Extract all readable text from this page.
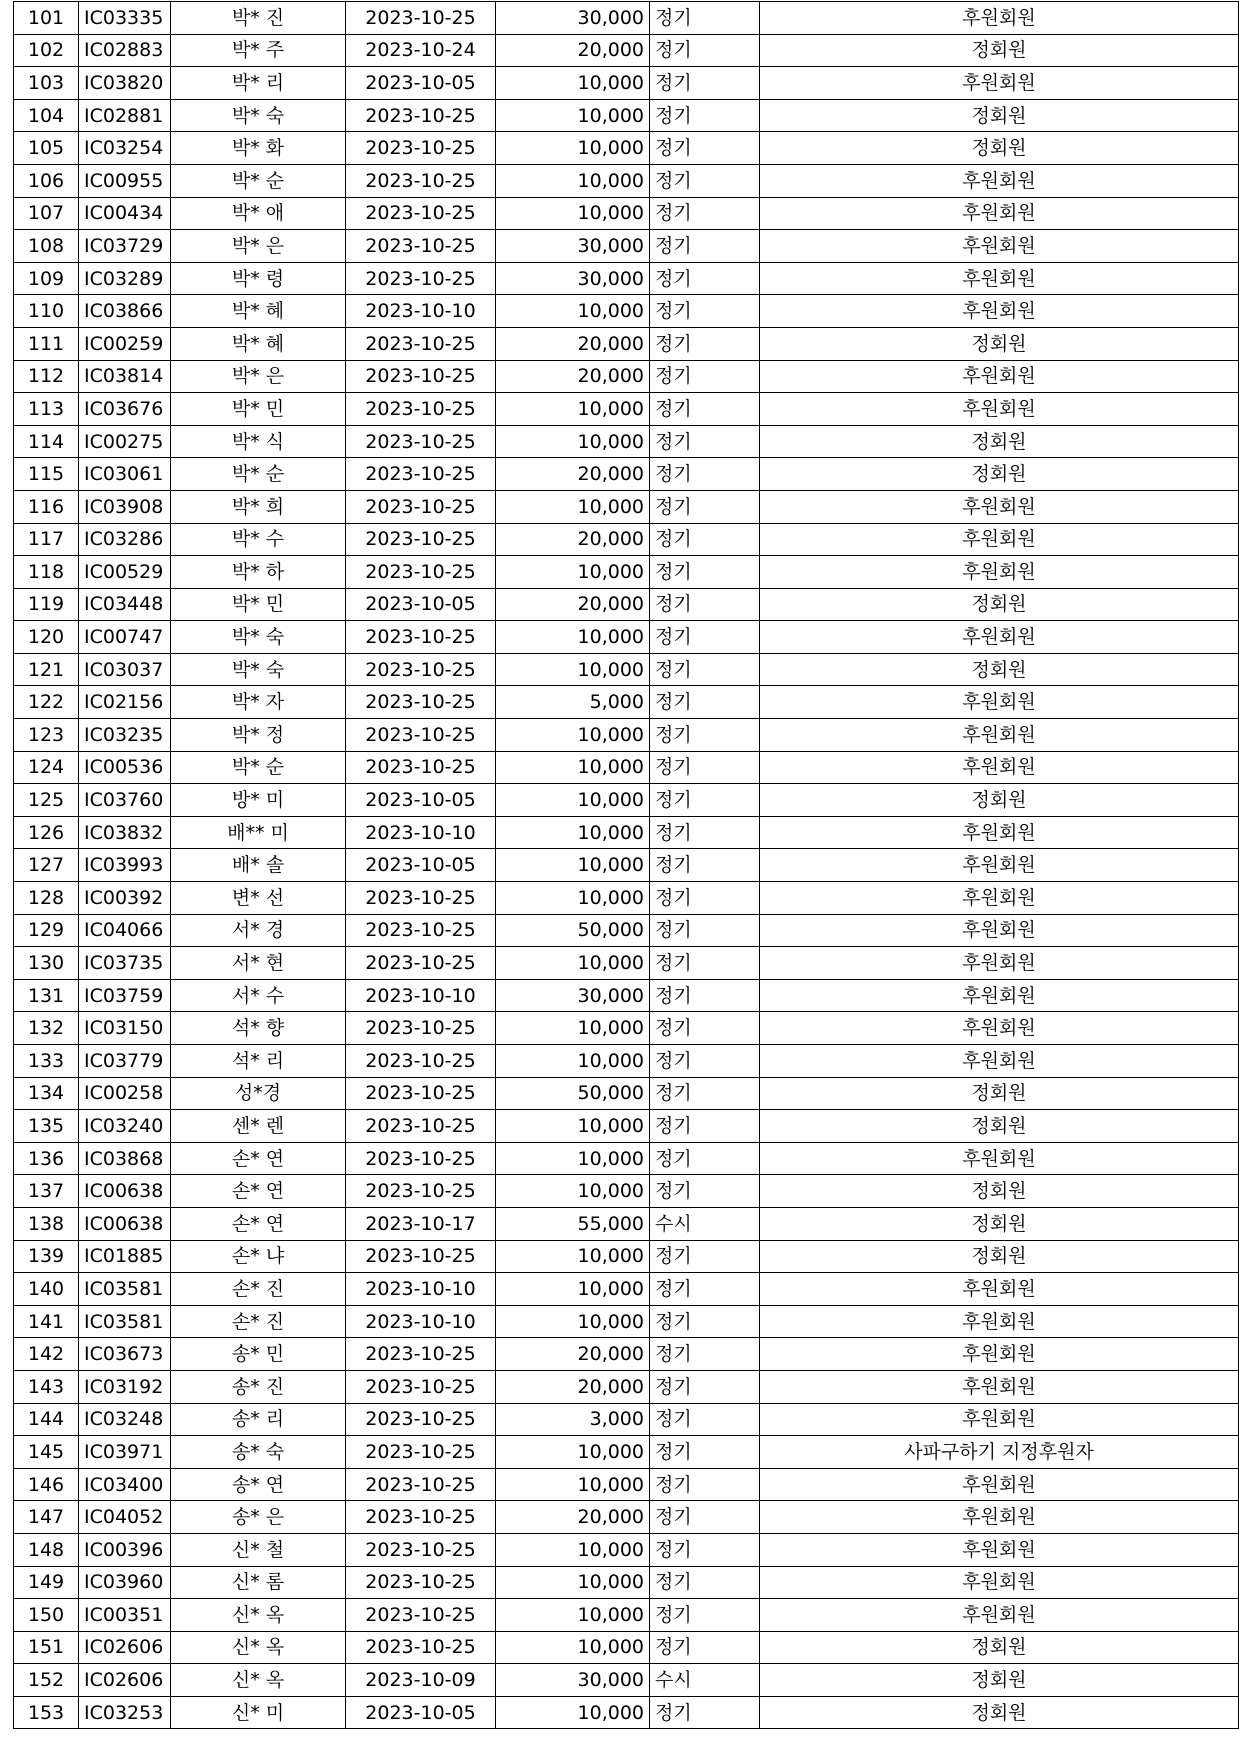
101	IC03335	박* 진	2023-10-25	30,000	정기	후원회원
102	IC02883	박* 주	2023-10-24	20,000	정기	정회원
103	IC03820	박* 리	2023-10-05	10,000	정기	후원회원
104	IC02881	박* 숙	2023-10-25	10,000	정기	정회원
105	IC03254	박* 화	2023-10-25	10,000	정기	정회원
106	IC00955	박* 순	2023-10-25	10,000	정기	후원회원
107	IC00434	박* 애	2023-10-25	10,000	정기	후원회원
108	IC03729	박* 은	2023-10-25	30,000	정기	후원회원
109	IC03289	박* 령	2023-10-25	30,000	정기	후원회원
110	IC03866	박* 혜	2023-10-10	10,000	정기	후원회원
111	IC00259	박* 혜	2023-10-25	20,000	정기	정회원
112	IC03814	박* 은	2023-10-25	20,000	정기	후원회원
113	IC03676	박* 민	2023-10-25	10,000	정기	후원회원
114	IC00275	박* 식	2023-10-25	10,000	정기	정회원
115	IC03061	박* 순	2023-10-25	20,000	정기	정회원
116	IC03908	박* 희	2023-10-25	10,000	정기	후원회원
117	IC03286	박* 수	2023-10-25	20,000	정기	후원회원
118	IC00529	박* 하	2023-10-25	10,000	정기	후원회원
119	IC03448	박* 민	2023-10-05	20,000	정기	정회원
120	IC00747	박* 숙	2023-10-25	10,000	정기	후원회원
121	IC03037	박* 숙	2023-10-25	10,000	정기	정회원
122	IC02156	박* 자	2023-10-25	5,000	정기	후원회원
123	IC03235	박* 정	2023-10-25	10,000	정기	후원회원
124	IC00536	박* 순	2023-10-25	10,000	정기	후원회원
125	IC03760	방* 미	2023-10-05	10,000	정기	정회원
126	IC03832	배** 미	2023-10-10	10,000	정기	후원회원
127	IC03993	배* 솔	2023-10-05	10,000	정기	후원회원
128	IC00392	변* 선	2023-10-25	10,000	정기	후원회원
129	IC04066	서* 경	2023-10-25	50,000	정기	후원회원
130	IC03735	서* 현	2023-10-25	10,000	정기	후원회원
131	IC03759	서* 수	2023-10-10	30,000	정기	후원회원
132	IC03150	석* 향	2023-10-25	10,000	정기	후원회원
133	IC03779	석* 리	2023-10-25	10,000	정기	후원회원
134	IC00258	성*경	2023-10-25	50,000	정기	정회원
135	IC03240	센* 렌	2023-10-25	10,000	정기	정회원
136	IC03868	손* 연	2023-10-25	10,000	정기	후원회원
137	IC00638	손* 연	2023-10-25	10,000	정기	정회원
138	IC00638	손* 연	2023-10-17	55,000	수시	정회원
139	IC01885	손* 냐	2023-10-25	10,000	정기	정회원
140	IC03581	손* 진	2023-10-10	10,000	정기	후원회원
141	IC03581	손* 진	2023-10-10	10,000	정기	후원회원
142	IC03673	송* 민	2023-10-25	20,000	정기	후원회원
143	IC03192	송* 진	2023-10-25	20,000	정기	후원회원
144	IC03248	송* 리	2023-10-25	3,000	정기	후원회원
145	IC03971	송* 숙	2023-10-25	10,000	정기	사파구하기 지정후원자
146	IC03400	송* 연	2023-10-25	10,000	정기	후원회원
147	IC04052	송* 은	2023-10-25	20,000	정기	후원회원
148	IC00396	신* 철	2023-10-25	10,000	정기	후원회원
149	IC03960	신* 롬	2023-10-25	10,000	정기	후원회원
150	IC00351	신* 옥	2023-10-25	10,000	정기	후원회원
151	IC02606	신* 옥	2023-10-25	10,000	정기	정회원
152	IC02606	신* 옥	2023-10-09	30,000	수시	정회원
153	IC03253	신* 미	2023-10-05	10,000	정기	정회원
